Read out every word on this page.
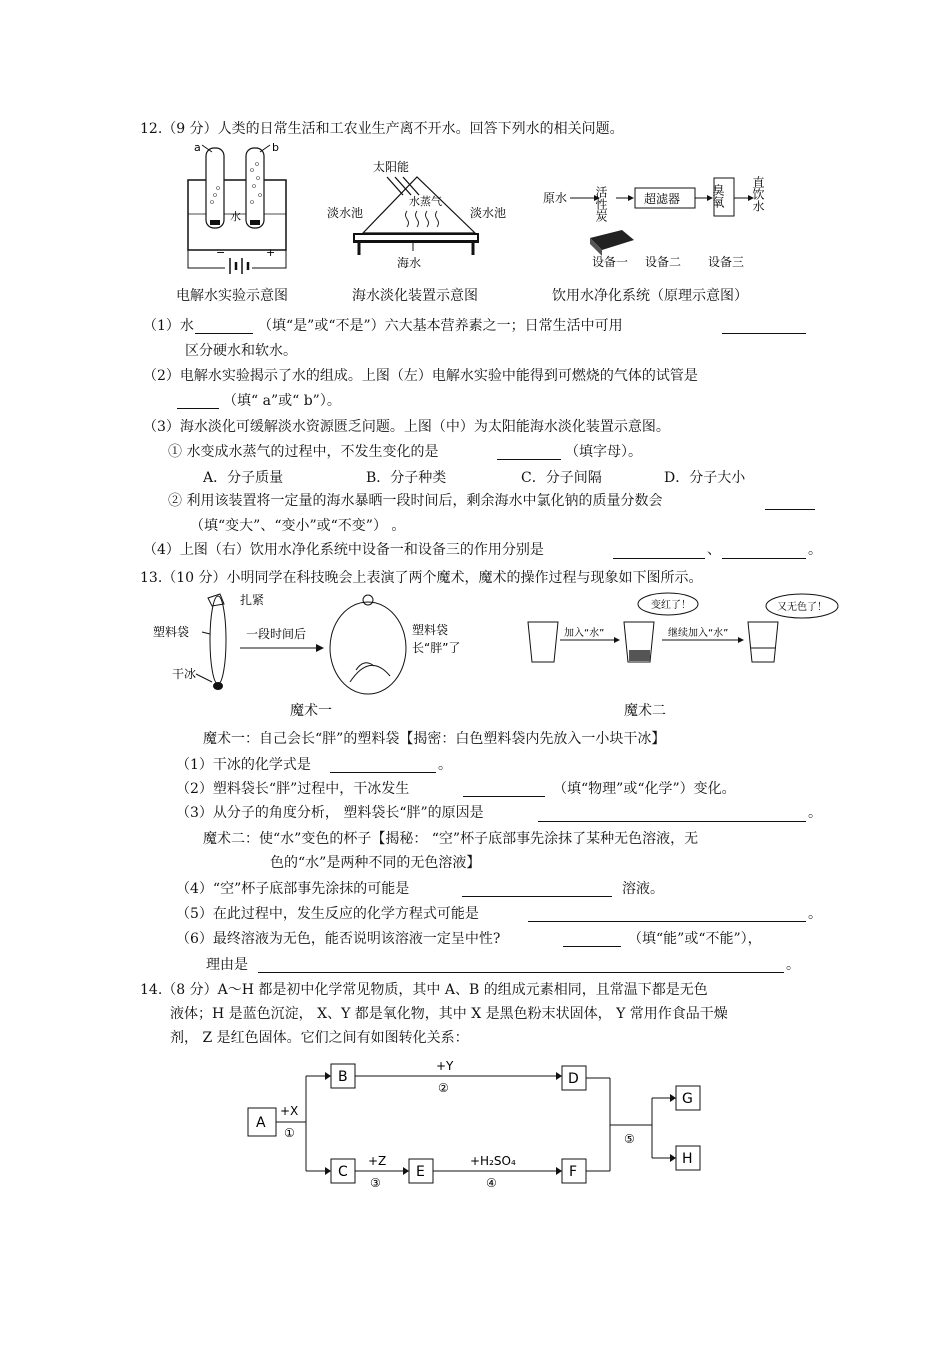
12.（9 分）人类的日常生活和工农业生产离不开水。回答下列水的相关问题。
a	b
水
−	+
电解水实验示意图
太阳能
水蒸气
淡水池	淡水池
海水
海水淡化装置示意图
原水 活性炭	超滤器	臭氧 直饮水
设备一 设备二 设备三
饮用水净化系统（原理示意图）
（1）水	（填“是”或“不是”）六大基本营养素之一；日常生活中可用
区分硬水和软水。
（2）电解水实验揭示了水的组成。上图（左）电解水实验中能得到可燃烧的气体的试管是
（填“ a”或“ b”）。
（3）海水淡化可缓解淡水资源匮乏问题。上图（中）为太阳能海水淡化装置示意图。
① 水变成水蒸气的过程中，不发生变化的是	（填字母）。
A．分子质量	B．分子种类	C．分子间隔	D．分子大小
② 利用该装置将一定量的海水暴晒一段时间后，剩余海水中氯化钠的质量分数会
（填“变大”、“变小”或“不变”） 。
（4）上图（右）饮用水净化系统中设备一和设备三的作用分别是	、	。
13.（10 分）小明同学在科技晚会上表演了两个魔术，魔术的操作过程与现象如下图所示。
扎紧
塑料袋
干冰
一段时间后	塑料袋
长“胖”了
魔术一
加入“水”
变红了！
继续加入“水”
又无色了！
魔术二
魔术一：自己会长“胖”的塑料袋【揭密：白色塑料袋内先放入一小块干冰】
（1）干冰的化学式是	。
（2）塑料袋长“胖”过程中，干冰发生	（填“物理”或“化学”）变化。
（3）从分子的角度分析， 塑料袋长“胖”的原因是	。
魔术二：使“水”变色的杯子【揭秘： “空”杯子底部事先涂抹了某种无色溶液，无
色的“水”是两种不同的无色溶液】
（4）“空”杯子底部事先涂抹的可能是	溶液。
（5）在此过程中，发生反应的化学方程式可能是	。
（6）最终溶液为无色，能否说明该溶液一定呈中性?	（填“能”或“不能”），
理由是	。
14.（8 分）A～H 都是初中化学常见物质，其中 A、B 的组成元素相同，且常温下都是无色
液体；H 是蓝色沉淀， X、Y 都是氧化物，其中 X 是黑色粉末状固体， Y 常用作食品干燥
剂， Z 是红色固体。它们之间有如图转化关系：
A
B	D
C	E	F
G
H
+X
①
+Y
②
+Z
③
+H₂SO₄
④
⑤
